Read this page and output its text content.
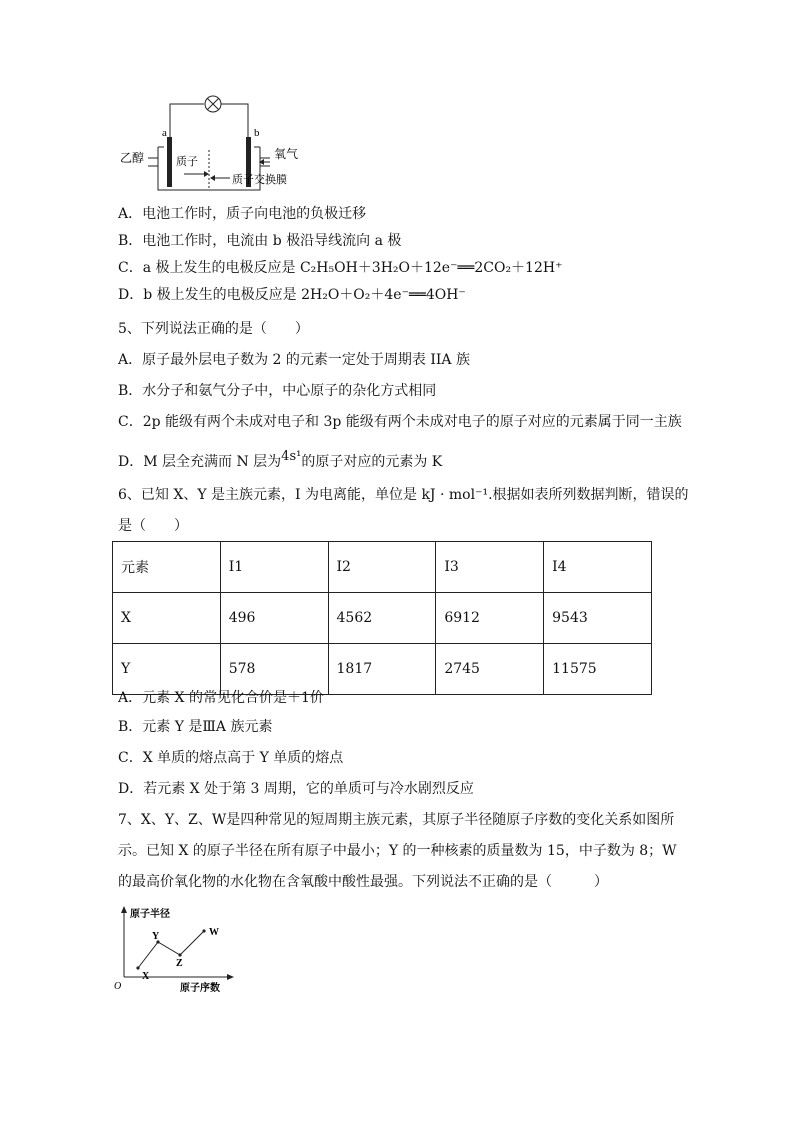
a	b
乙醇	质子
氧气
质子交换膜
A．电池工作时，质子向电池的负极迁移
B．电池工作时，电流由 b 极沿导线流向 a 极
C．a 极上发生的电极反应是 C₂H₅OH＋3H₂O＋12e⁻══2CO₂＋12H⁺
D．b 极上发生的电极反应是 2H₂O＋O₂＋4e⁻══4OH⁻
5、下列说法正确的是（　　）
A．原子最外层电子数为 2 的元素一定处于周期表 IIA 族
B．水分子和氨气分子中，中心原子的杂化方式相同
C．2p 能级有两个未成对电子和 3p 能级有两个未成对电子的原子对应的元素属于同一主族
D．M 层全充满而 N 层为4s¹的原子对应的元素为 K
6、已知 X、Y 是主族元素，I 为电离能，单位是 kJ · mol⁻¹.根据如表所列数据判断，错误的
是（　　）
元素	I1	I2	I3	I4
X	496	4562	6912	9543
Y	578	1817	2745	11575
A．元素 X 的常见化合价是＋1价
B．元素 Y 是ⅢA 族元素
C．X 单质的熔点高于 Y 单质的熔点
D．若元素 X 处于第 3 周期，它的单质可与冷水剧烈反应
7、X、Y、Z、W是四种常见的短周期主族元素，其原子半径随原子序数的变化关系如图所
示。已知 X 的原子半径在所有原子中最小；Y 的一种核素的质量数为 15，中子数为 8；W
的最高价氧化物的水化物在含氧酸中酸性最强。下列说法不正确的是（　　　）
原子半径
原子序数
O
X
Y
Z
W
